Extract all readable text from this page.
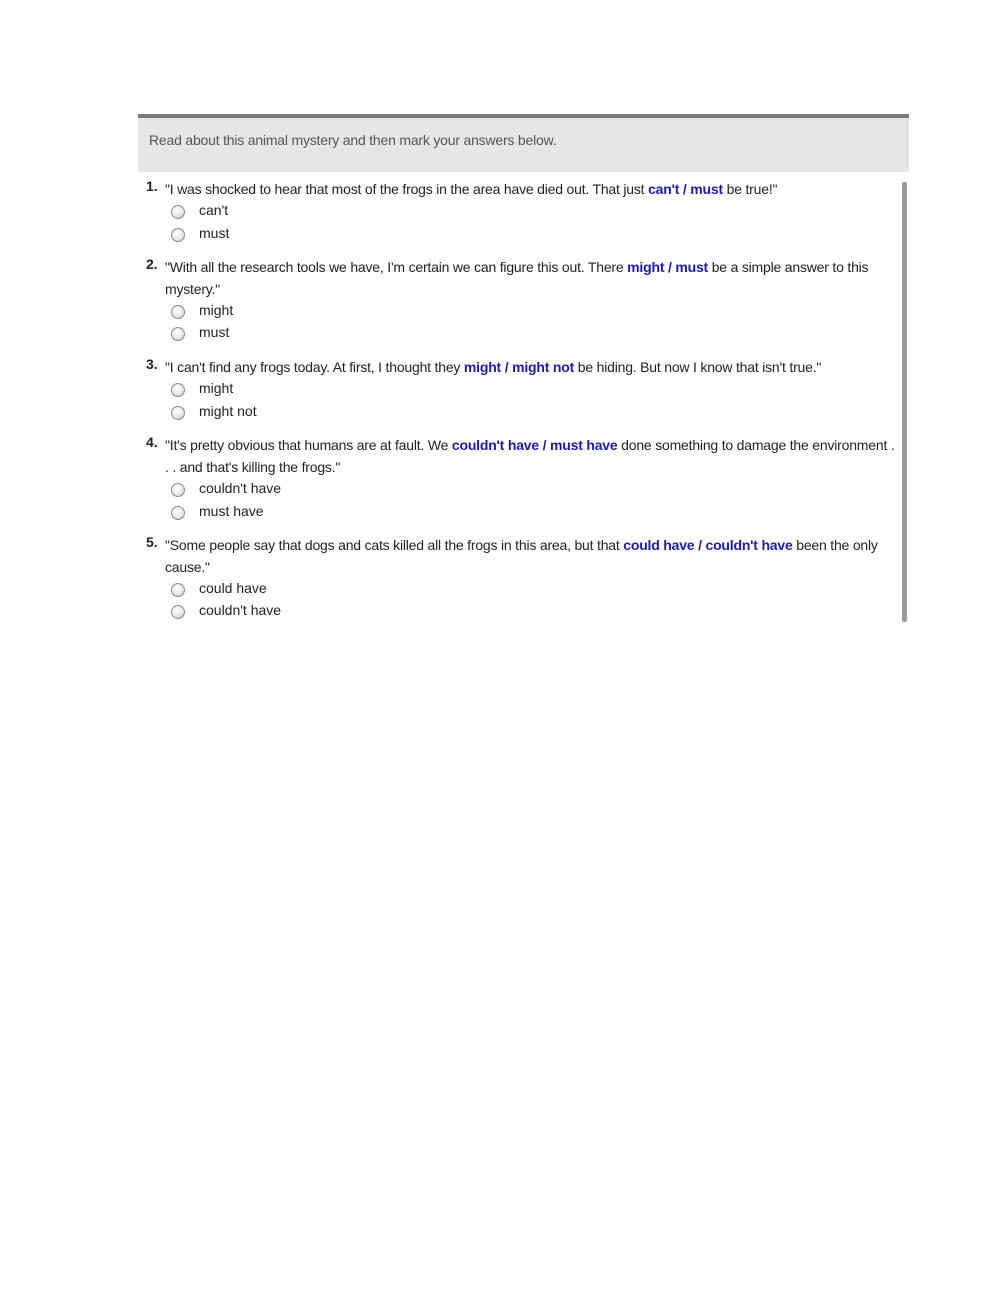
Read about this animal mystery and then mark your answers below.
1. "I was shocked to hear that most of the frogs in the area have died out. That just can't / must be true!"
can't
must
2. "With all the research tools we have, I'm certain we can figure this out. There might / must be a simple answer to this mystery."
might
must
3. "I can't find any frogs today. At first, I thought they might / might not be hiding. But now I know that isn't true."
might
might not
4. "It's pretty obvious that humans are at fault. We couldn't have / must have done something to damage the environment . . . and that's killing the frogs."
couldn't have
must have
5. "Some people say that dogs and cats killed all the frogs in this area, but that could have / couldn't have been the only cause."
could have
couldn't have
